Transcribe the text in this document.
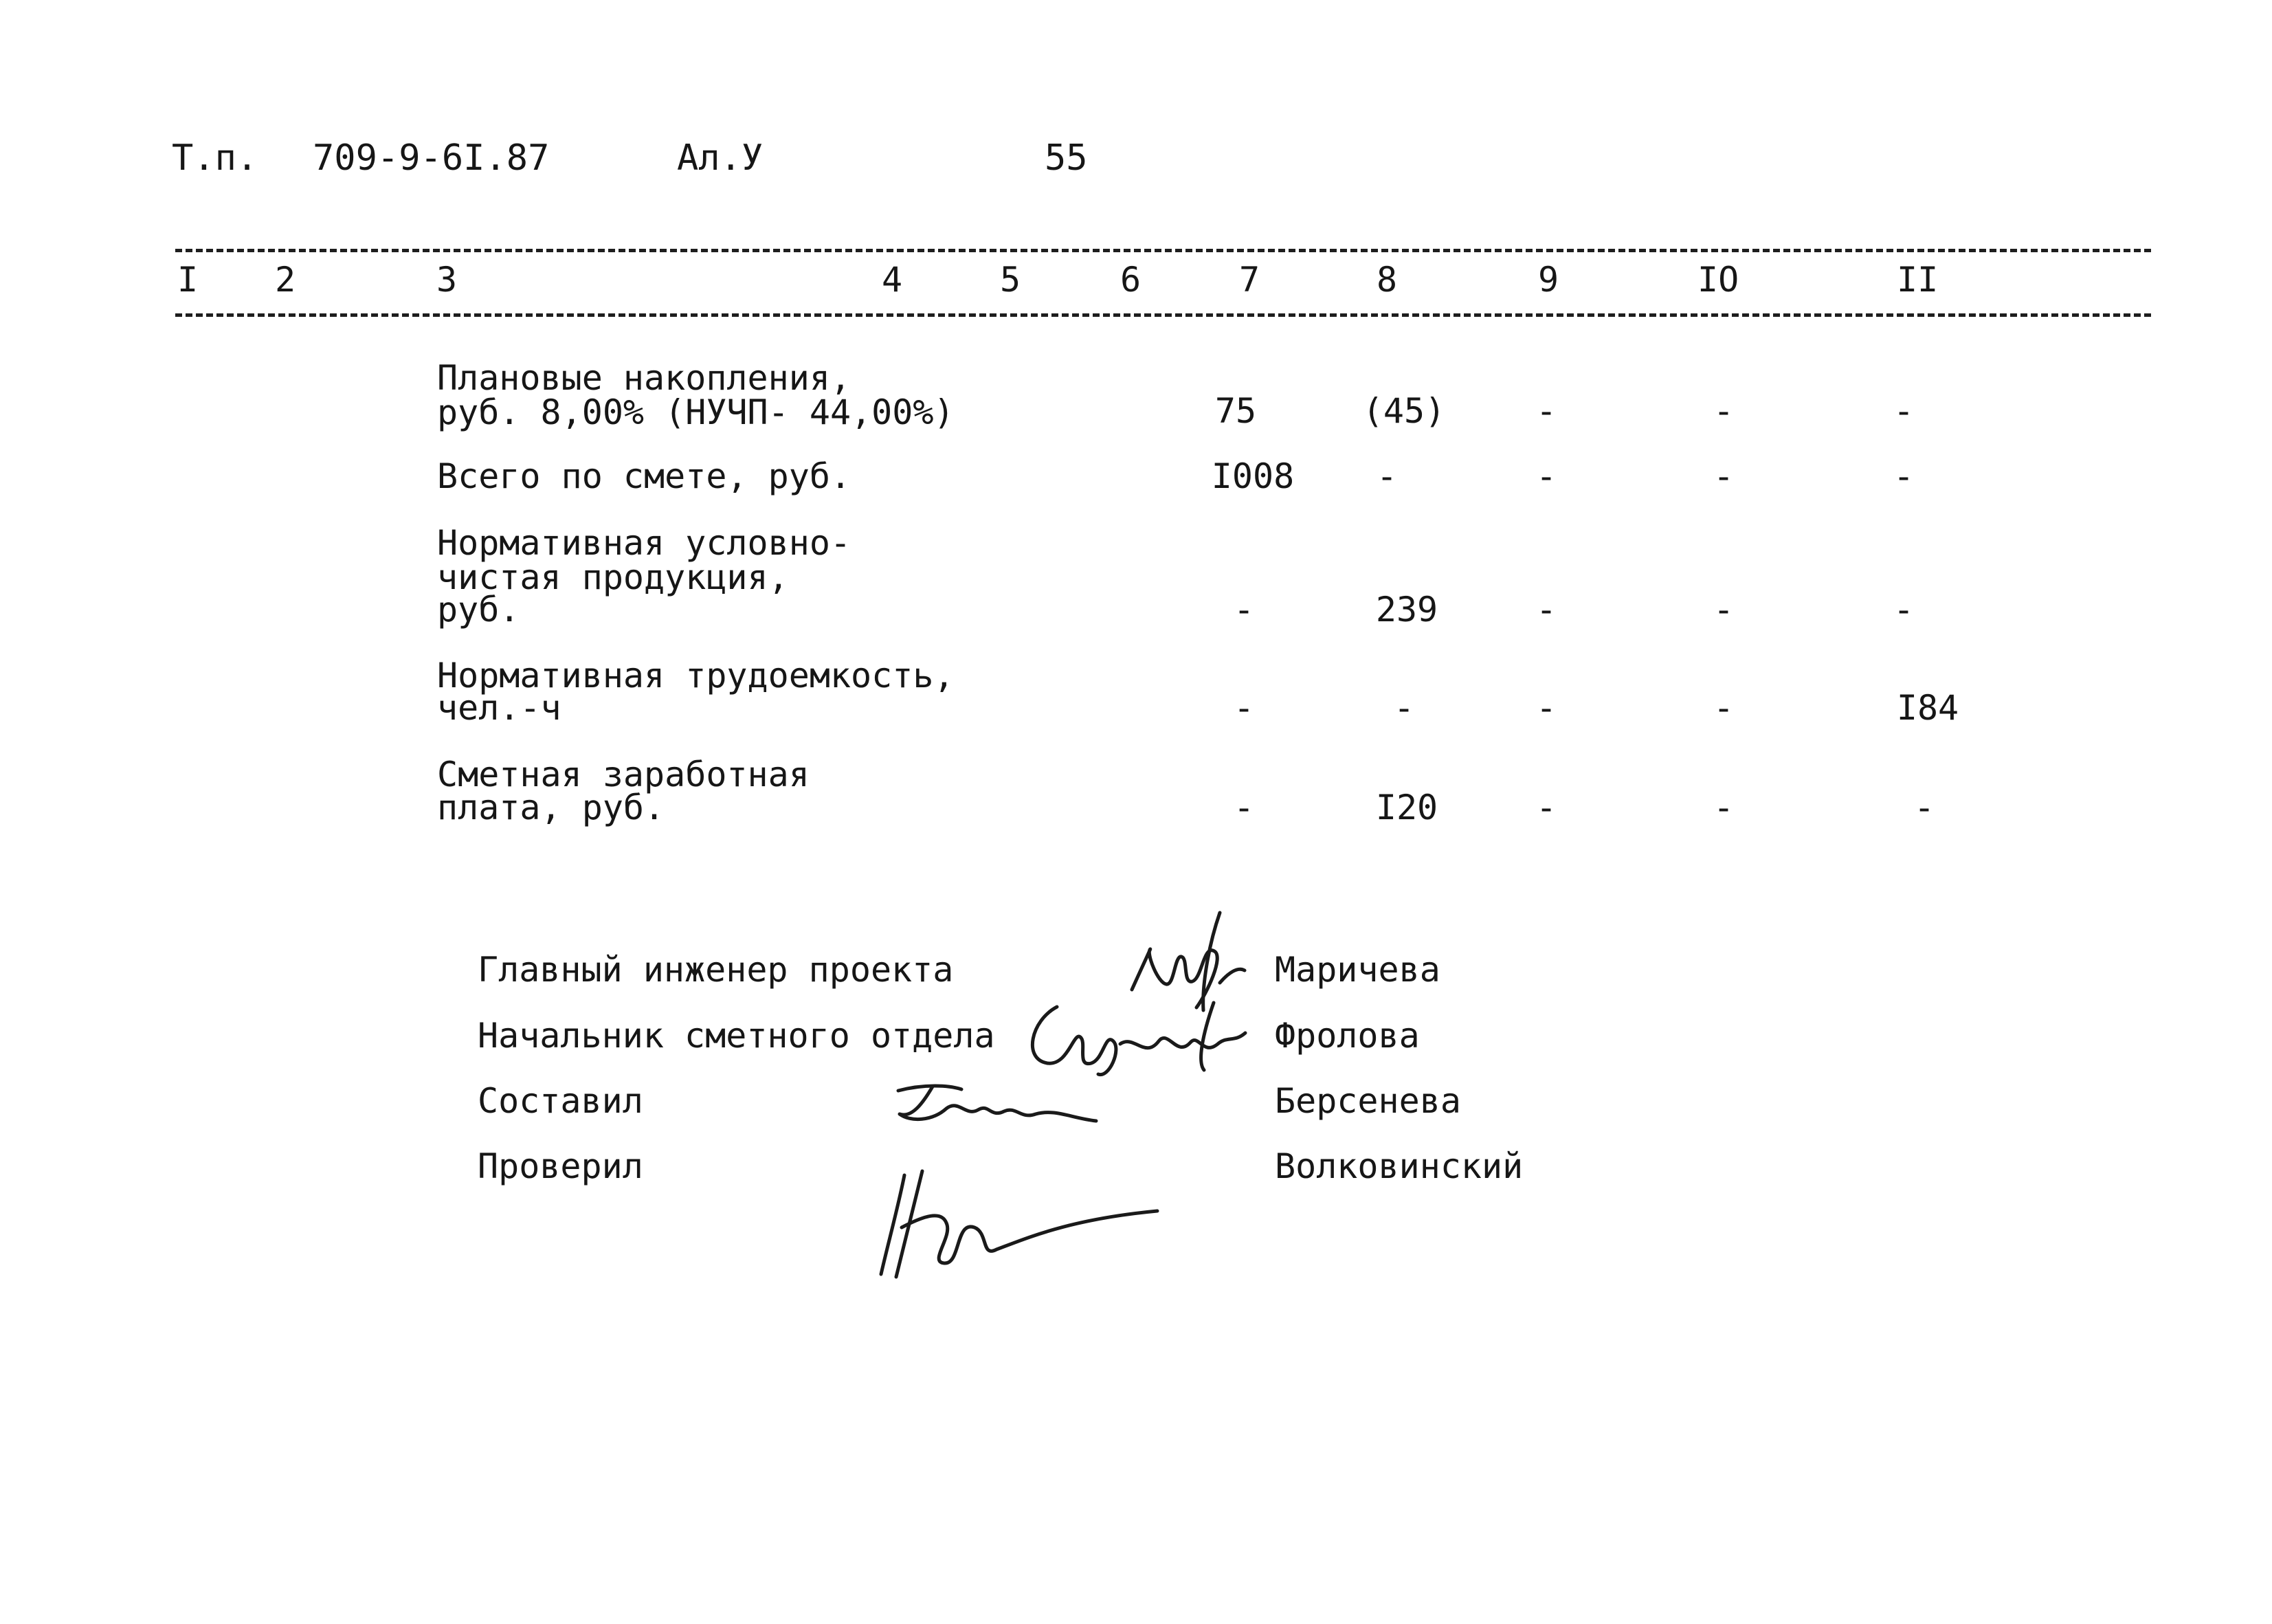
Т.п. 709-9-6I.87	Ал.У	55
I 2	3	4	5	6	7	8	9	IO	II
Плановые накопления,
руб. 8,00% (НУЧП- 44,00%)	75	(45)	-	-	-
Всего по смете, руб.	I008	-	-	-	-
Нормативная условно-
чистая продукция,
руб.	-	239	-	-	-
Нормативная трудоемкость,
чел.-ч	-	-	-	-	I84
Сметная заработная
плата, руб.	-	I20	-	-	-
Главный инженер проекта	Маричева
Начальник сметного отдела	Фролова
Составил	Берсенева
Проверил	Волковинский
